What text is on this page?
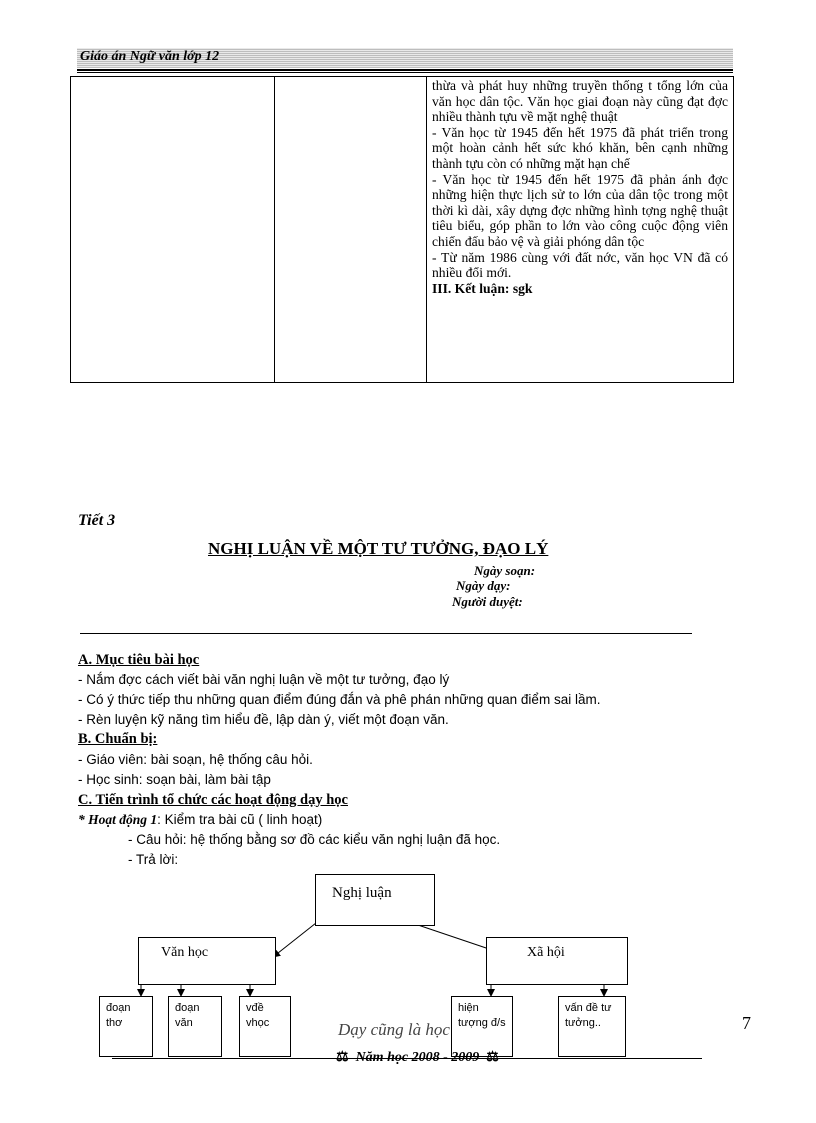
Giáo án Ngữ văn lớp 12

thừa và phát huy những truyền thống t tổng lớn của văn học dân tộc. Văn học giai đoạn này cũng đạt đợc nhiều thành tựu về mặt nghệ thuật

- Văn học từ 1945 đến hết 1975 đã phát triển trong một hoàn cảnh hết sức khó khăn, bên cạnh những thành tựu còn có những mặt hạn chế

- Văn học từ 1945 đến hết 1975 đã phản ánh đợc những hiện thực lịch sử to lớn của dân tộc trong một thời kì dài, xây dựng đợc những hình tợng nghệ thuật tiêu biểu, góp phần to lớn vào công cuộc động viên chiến đấu bảo vệ và giải phóng dân tộc

- Từ năm 1986 cùng với đất nớc, văn học VN đã có nhiều đổi mới.

III. Kết luận: sgk

Tiết 3
NGHỊ LUẬN VỀ MỘT TƯ TƯỞNG, ĐẠO LÝ
Ngày soạn:
Ngày dạy:
Người duyệt:
A. Mục tiêu bài học
- Nắm đợc cách viết bài văn nghị luận về một tư tưởng, đạo lý
- Có ý thức tiếp thu những quan điểm đúng đắn và phê phán những quan điểm sai lầm.
- Rèn luyện kỹ năng tìm hiểu đề, lập dàn ý, viết một đoạn văn.
B. Chuẩn bị:
- Giáo viên: bài soạn, hệ thống câu hỏi.
- Học sinh: soạn bài, làm bài tập
C. Tiến trình tổ chức các hoạt động dạy học
* Hoạt động 1: Kiểm tra bài cũ ( linh hoạt)
- Câu hỏi: hệ thống bằng sơ đồ các kiểu văn nghị luận đã học.
- Trả lời:
Dạy cũng là học
Nghị luận
Văn học	Xã hội
đoạn thơ
đoạn văn
vđề vhọc
hiện tượng đ/s
vấn đề tư tưởng..
⚖  Năm học 2008 - 2009  ⚖
7
